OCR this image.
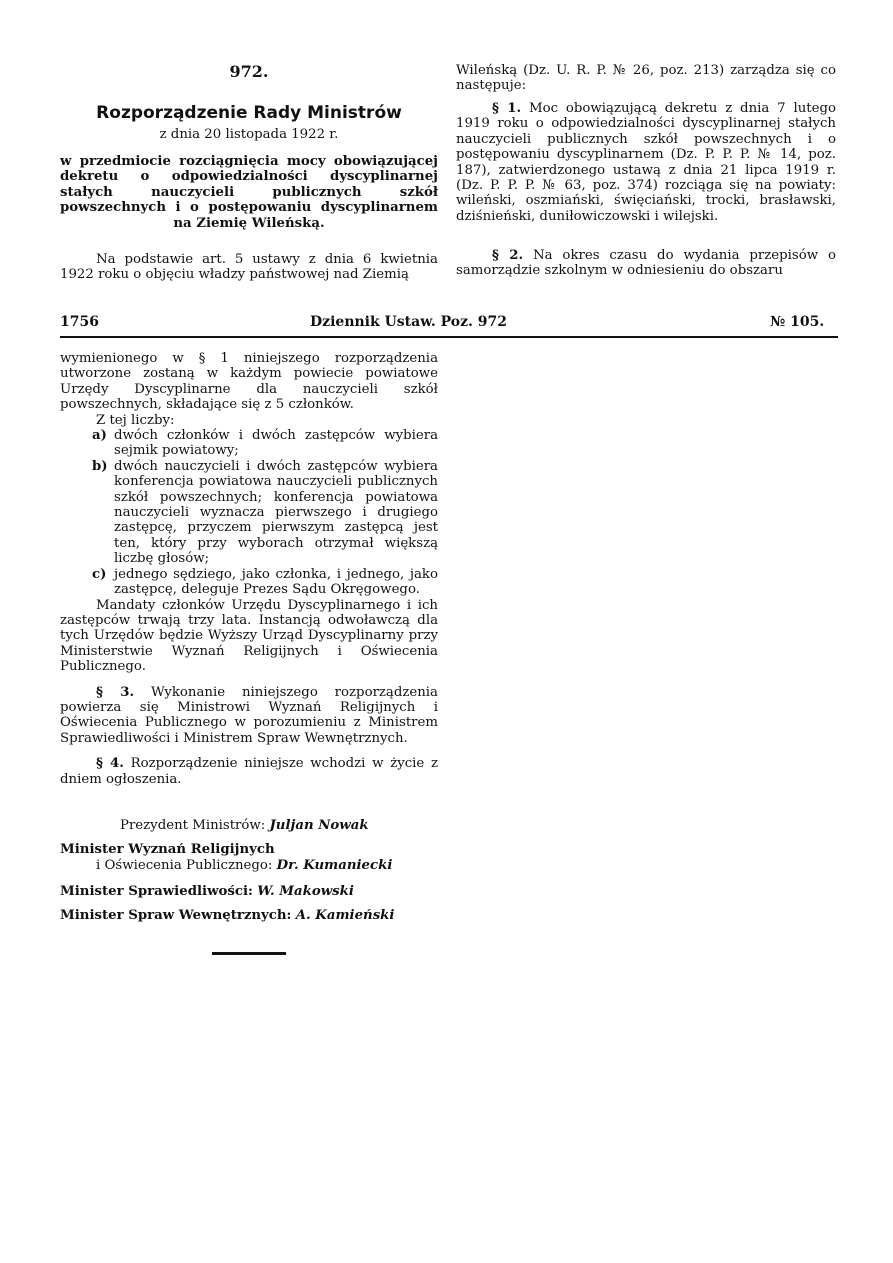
972.
Rozporządzenie Rady Ministrów
z dnia 20 listopada 1922 r.
w przedmiocie rozciągnięcia mocy obowiązującej dekretu o odpowiedzialności dyscyplinarnej stałych nauczycieli publicznych szkół powszechnych i o postępowaniu dyscyplinarnem na Ziemię Wileńską.
Na podstawie art. 5 ustawy z dnia 6 kwietnia 1922 roku o objęciu władzy państwowej nad Ziemią
Wileńską (Dz. U. R. P. № 26, poz. 213) zarządza się co następuje:
§ 1. Moc obowiązującą dekretu z dnia 7 lutego 1919 roku o odpowiedzialności dyscyplinarnej stałych nauczycieli publicznych szkół powszechnych i o postępowaniu dyscyplinarnem (Dz. P. P. P. № 14, poz. 187), zatwierdzonego ustawą z dnia 21 lipca 1919 r. (Dz. P. P. P. № 63, poz. 374) rozciąga się na powiaty: wileński, oszmiański, święciański, trocki, brasławski, dziśnieński, duniłowiczowski i wilejski.
§ 2. Na okres czasu do wydania przepisów o samorządzie szkolnym w odniesieniu do obszaru
1756	Dziennik Ustaw. Poz. 972	№ 105.

wymienionego w § 1 niniejszego rozporządzenia utworzone zostaną w każdym powiecie powiatowe Urzędy Dyscyplinarne dla nauczycieli szkół powszechnych, składające się z 5 członków.

Z tej liczby:

a) dwóch członków i dwóch zastępców wybiera sejmik powiatowy;
b) dwóch nauczycieli i dwóch zastępców wybiera konferencja powiatowa nauczycieli publicznych szkół powszechnych; konferencja powiatowa nauczycieli wyznacza pierwszego i drugiego zastępcę, przyczem pierwszym zastępcą jest ten, który przy wyborach otrzymał większą liczbę głosów;
c) jednego sędziego, jako członka, i jednego, jako zastępcę, deleguje Prezes Sądu Okręgowego.

Mandaty członków Urzędu Dyscyplinarnego i ich zastępców trwają trzy lata. Instancją odwoławczą dla tych Urzędów będzie Wyższy Urząd Dyscyplinarny przy Ministerstwie Wyznań Religijnych i Oświecenia Publicznego.

§ 3. Wykonanie niniejszego rozporządzenia powierza się Ministrowi Wyznań Religijnych i Oświecenia Publicznego w porozumieniu z Ministrem Sprawiedliwości i Ministrem Spraw Wewnętrznych.

§ 4. Rozporządzenie niniejsze wchodzi w życie z dniem ogłoszenia.

Prezydent Ministrów: Juljan Nowak
Minister Wyznań Religijnych
i Oświecenia Publicznego: Dr. Kumaniecki
Minister Sprawiedliwości: W. Makowski
Minister Spraw Wewnętrznych: A. Kamieński
